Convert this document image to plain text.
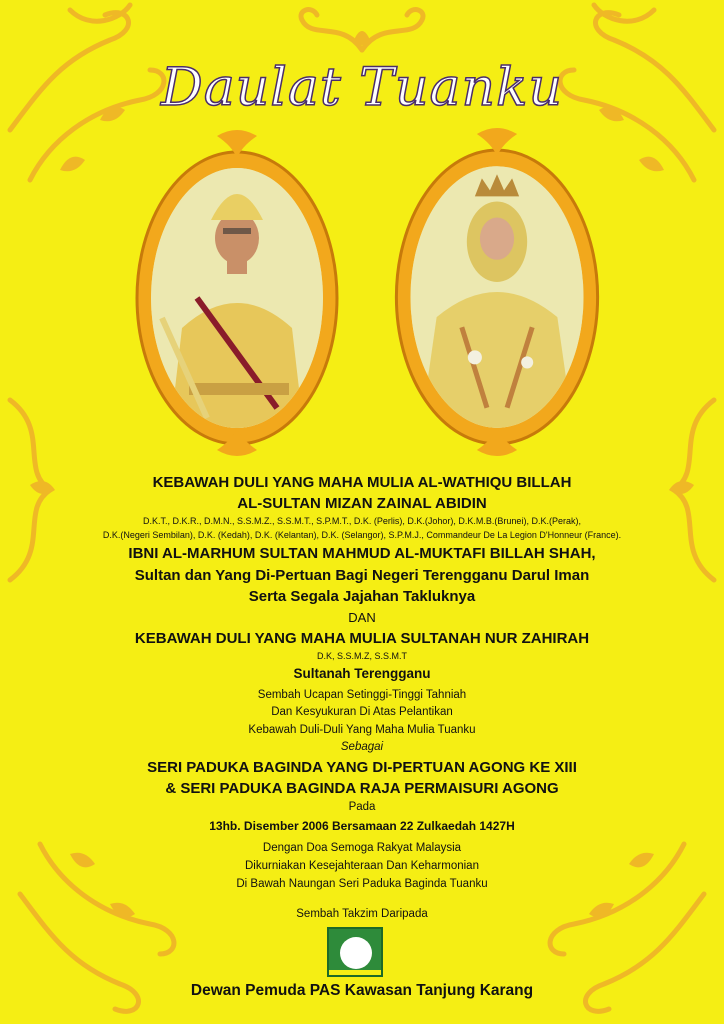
Daulat Tuanku
KEBAWAH DULI YANG MAHA MULIA AL-WATHIQU BILLAH
AL-SULTAN MIZAN ZAINAL ABIDIN
D.K.T., D.K.R., D.M.N., S.S.M.Z., S.S.M.T., S.P.M.T., D.K. (Perlis), D.K.(Johor), D.K.M.B.(Brunei), D.K.(Perak),
D.K.(Negeri Sembilan), D.K. (Kedah), D.K. (Kelantan), D.K. (Selangor), S.P.M.J., Commandeur De La Legion D'Honneur (France).
IBNI AL-MARHUM SULTAN MAHMUD AL-MUKTAFI BILLAH SHAH,
Sultan dan Yang Di-Pertuan Bagi Negeri Terengganu Darul Iman
Serta Segala Jajahan Takluknya
DAN
KEBAWAH DULI YANG MAHA MULIA SULTANAH NUR ZAHIRAH
D.K, S.S.M.Z, S.S.M.T
Sultanah Terengganu
Sembah Ucapan Setinggi-Tinggi Tahniah
Dan Kesyukuran Di Atas Pelantikan
Kebawah Duli-Duli Yang Maha Mulia Tuanku
Sebagai
SERI PADUKA BAGINDA YANG DI-PERTUAN AGONG KE XIII
& SERI PADUKA BAGINDA RAJA PERMAISURI AGONG
Pada
13hb. Disember 2006 Bersamaan 22 Zulkaedah 1427H
Dengan Doa Semoga Rakyat Malaysia
Dikurniakan Kesejahteraan Dan Keharmonian
Di Bawah Naungan Seri Paduka Baginda Tuanku
Sembah Takzim Daripada
Dewan Pemuda PAS Kawasan Tanjung Karang
